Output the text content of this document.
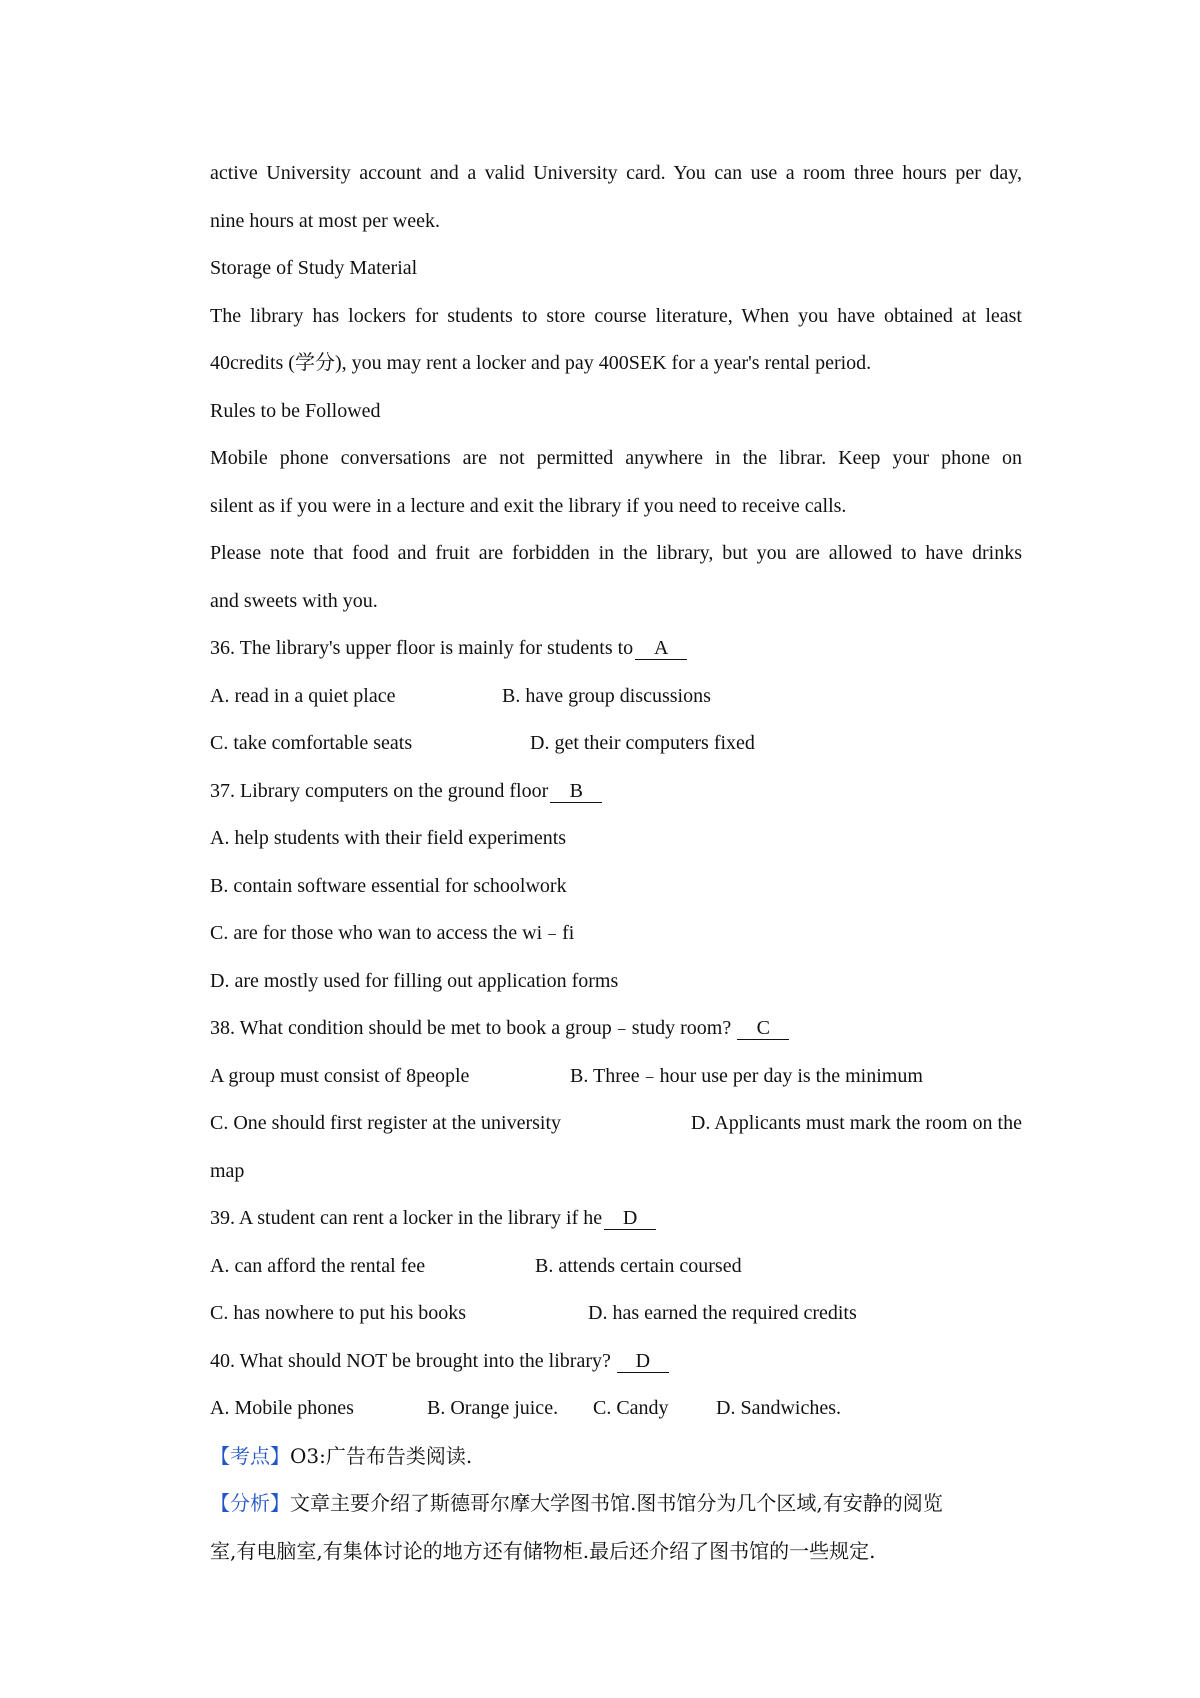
active University account and a valid University card. You can use a room three hours per day,
nine hours at most per week.
Storage of Study Material
The library has lockers for students to store course literature, When you have obtained at least
40credits (学分), you may rent a locker and pay 400SEK for a year's rental period.
Rules to be Followed
Mobile phone conversations are not permitted anywhere in the librar. Keep your phone on
silent as if you were in a lecture and exit the library if you need to receive calls.
Please note that food and fruit are forbidden in the library, but you are allowed to have drinks
and sweets with you.
36. The library's upper floor is mainly for students to A
A. read in a quiet place	B. have group discussions
C. take comfortable seats	D. get their computers fixed
37. Library computers on the ground floor B
A. help students with their field experiments
B. contain software essential for schoolwork
C. are for those who wan to access the wi﹣fi
D. are mostly used for filling out application forms
38. What condition should be met to book a group﹣study room? C
A group must consist of 8people	B. Three﹣hour use per day is the minimum
C. One should first register at the university	D. Applicants must mark the room on the
map
39. A student can rent a locker in the library if he D
A. can afford the rental fee	B. attends certain coursed
C. has nowhere to put his books	D. has earned the required credits
40. What should NOT be brought into the library? D
A. Mobile phones	B. Orange juice. C. Candy D. Sandwiches.
【考点】O3:广告布告类阅读.
【分析】文章主要介绍了斯德哥尔摩大学图书馆.图书馆分为几个区域,有安静的阅览
室,有电脑室,有集体讨论的地方还有储物柜.最后还介绍了图书馆的一些规定.
